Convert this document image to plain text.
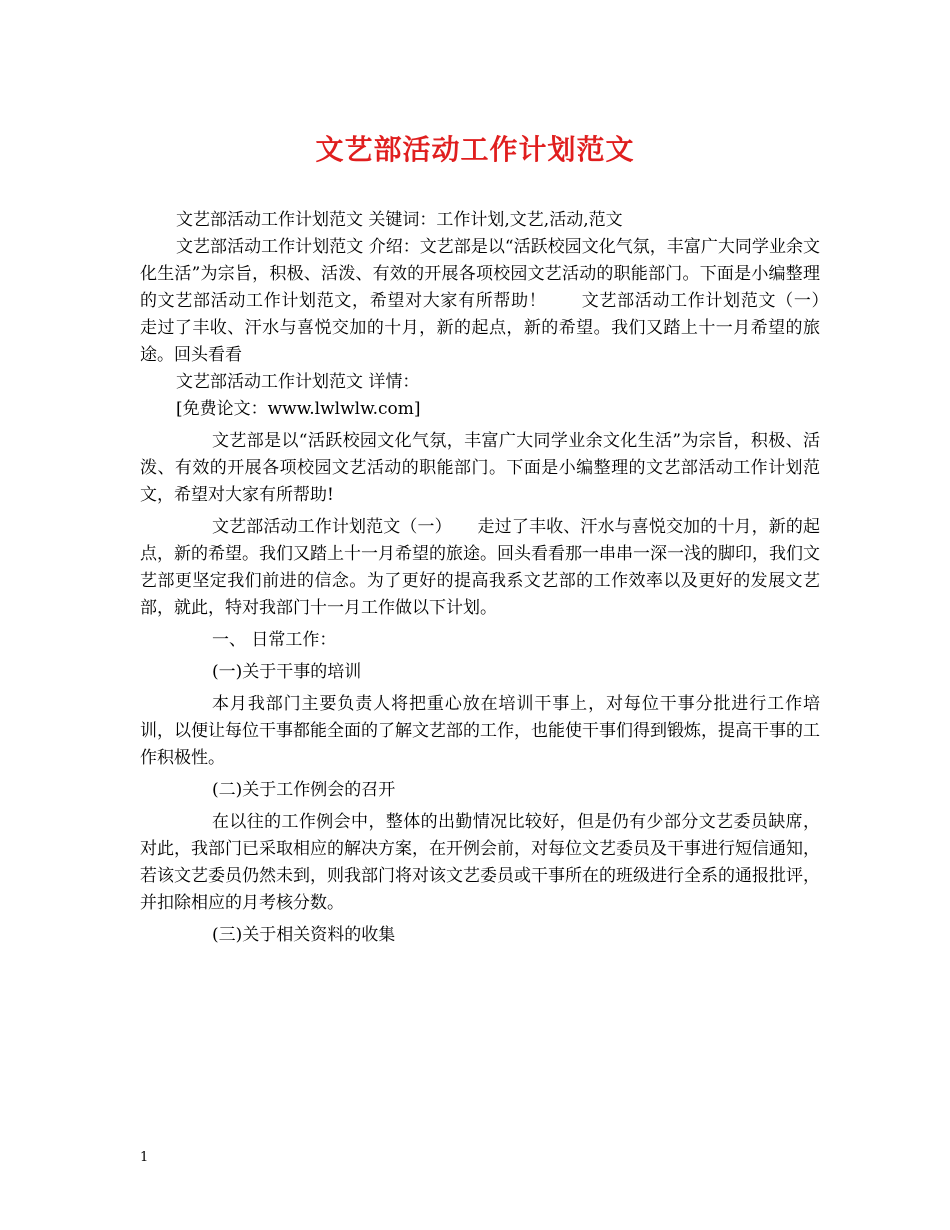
文艺部活动工作计划范文

文艺部活动工作计划范文 关键词：工作计划,文艺,活动,范文

文艺部活动工作计划范文 介绍：文艺部是以“活跃校园文化气氛，丰富广大同学业余文化生活”为宗旨，积极、活泼、有效的开展各项校园文艺活动的职能部门。下面是小编整理的文艺部活动工作计划范文，希望对大家有所帮助！　　文艺部活动工作计划范文（一）　　走过了丰收、汗水与喜悦交加的十月，新的起点，新的希望。我们又踏上十一月希望的旅途。回头看看

文艺部活动工作计划范文 详情：

[免费论文：www.lwlwlw.com]

文艺部是以“活跃校园文化气氛，丰富广大同学业余文化生活”为宗旨，积极、活泼、有效的开展各项校园文艺活动的职能部门。下面是小编整理的文艺部活动工作计划范文，希望对大家有所帮助!

文艺部活动工作计划范文（一）　　走过了丰收、汗水与喜悦交加的十月，新的起点，新的希望。我们又踏上十一月希望的旅途。回头看看那一串串一深一浅的脚印，我们文艺部更坚定我们前进的信念。为了更好的提高我系文艺部的工作效率以及更好的发展文艺部，就此，特对我部门十一月工作做以下计划。

一、 日常工作：

(一)关于干事的培训

本月我部门主要负责人将把重心放在培训干事上，对每位干事分批进行工作培训，以便让每位干事都能全面的了解文艺部的工作，也能使干事们得到锻炼，提高干事的工作积极性。

(二)关于工作例会的召开

在以往的工作例会中，整体的出勤情况比较好，但是仍有少部分文艺委员缺席，对此，我部门已采取相应的解决方案，在开例会前，对每位文艺委员及干事进行短信通知，若该文艺委员仍然未到，则我部门将对该文艺委员或干事所在的班级进行全系的通报批评，并扣除相应的月考核分数。

(三)关于相关资料的收集

1
